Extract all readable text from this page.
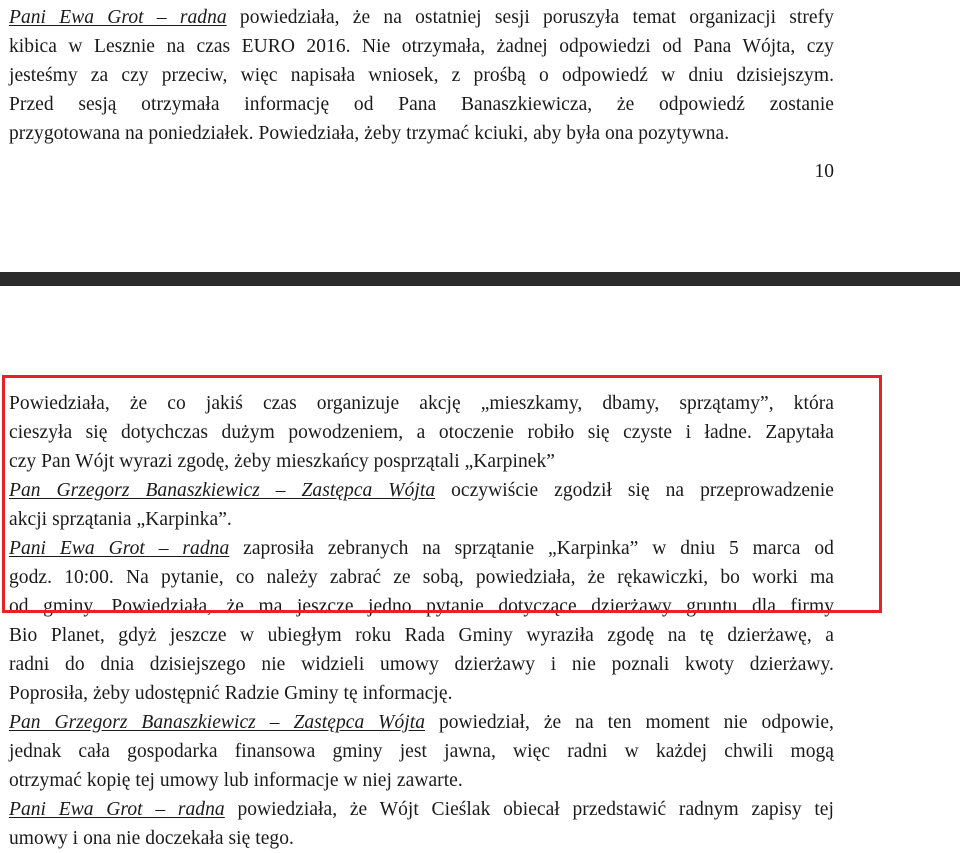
Pani Ewa Grot – radna powiedziała, że na ostatniej sesji poruszyła temat organizacji strefy
kibica w Lesznie na czas EURO 2016. Nie otrzymała, żadnej odpowiedzi od Pana Wójta, czy
jesteśmy za czy przeciw, więc napisała wniosek, z prośbą o odpowiedź w dniu dzisiejszym.
Przed sesją otrzymała informację od Pana Banaszkiewicza, że odpowiedź zostanie
przygotowana na poniedziałek. Powiedziała, żeby trzymać kciuki, aby była ona pozytywna.

10

Powiedziała, że co jakiś czas organizuje akcję „mieszkamy, dbamy, sprzątamy”, która
cieszyła się dotychczas dużym powodzeniem, a otoczenie robiło się czyste i ładne. Zapytała
czy Pan Wójt wyrazi zgodę, żeby mieszkańcy posprzątali „Karpinek”

Pan Grzegorz Banaszkiewicz – Zastępca Wójta oczywiście zgodził się na przeprowadzenie
akcji sprzątania „Karpinka”.

Pani Ewa Grot – radna zaprosiła zebranych na sprzątanie „Karpinka” w dniu 5 marca od
godz. 10:00. Na pytanie, co należy zabrać ze sobą, powiedziała, że rękawiczki, bo worki ma
od gminy. Powiedziała, że ma jeszcze jedno pytanie dotyczące dzierżawy gruntu dla firmy
Bio Planet, gdyż jeszcze w ubiegłym roku Rada Gminy wyraziła zgodę na tę dzierżawę, a
radni do dnia dzisiejszego nie widzieli umowy dzierżawy i nie poznali kwoty dzierżawy.
Poprosiła, żeby udostępnić Radzie Gminy tę informację.

Pan Grzegorz Banaszkiewicz – Zastępca Wójta powiedział, że na ten moment nie odpowie,
jednak cała gospodarka finansowa gminy jest jawna, więc radni w każdej chwili mogą
otrzymać kopię tej umowy lub informacje w niej zawarte.

Pani Ewa Grot – radna powiedziała, że Wójt Cieślak obiecał przedstawić radnym zapisy tej
umowy i ona nie doczekała się tego.
